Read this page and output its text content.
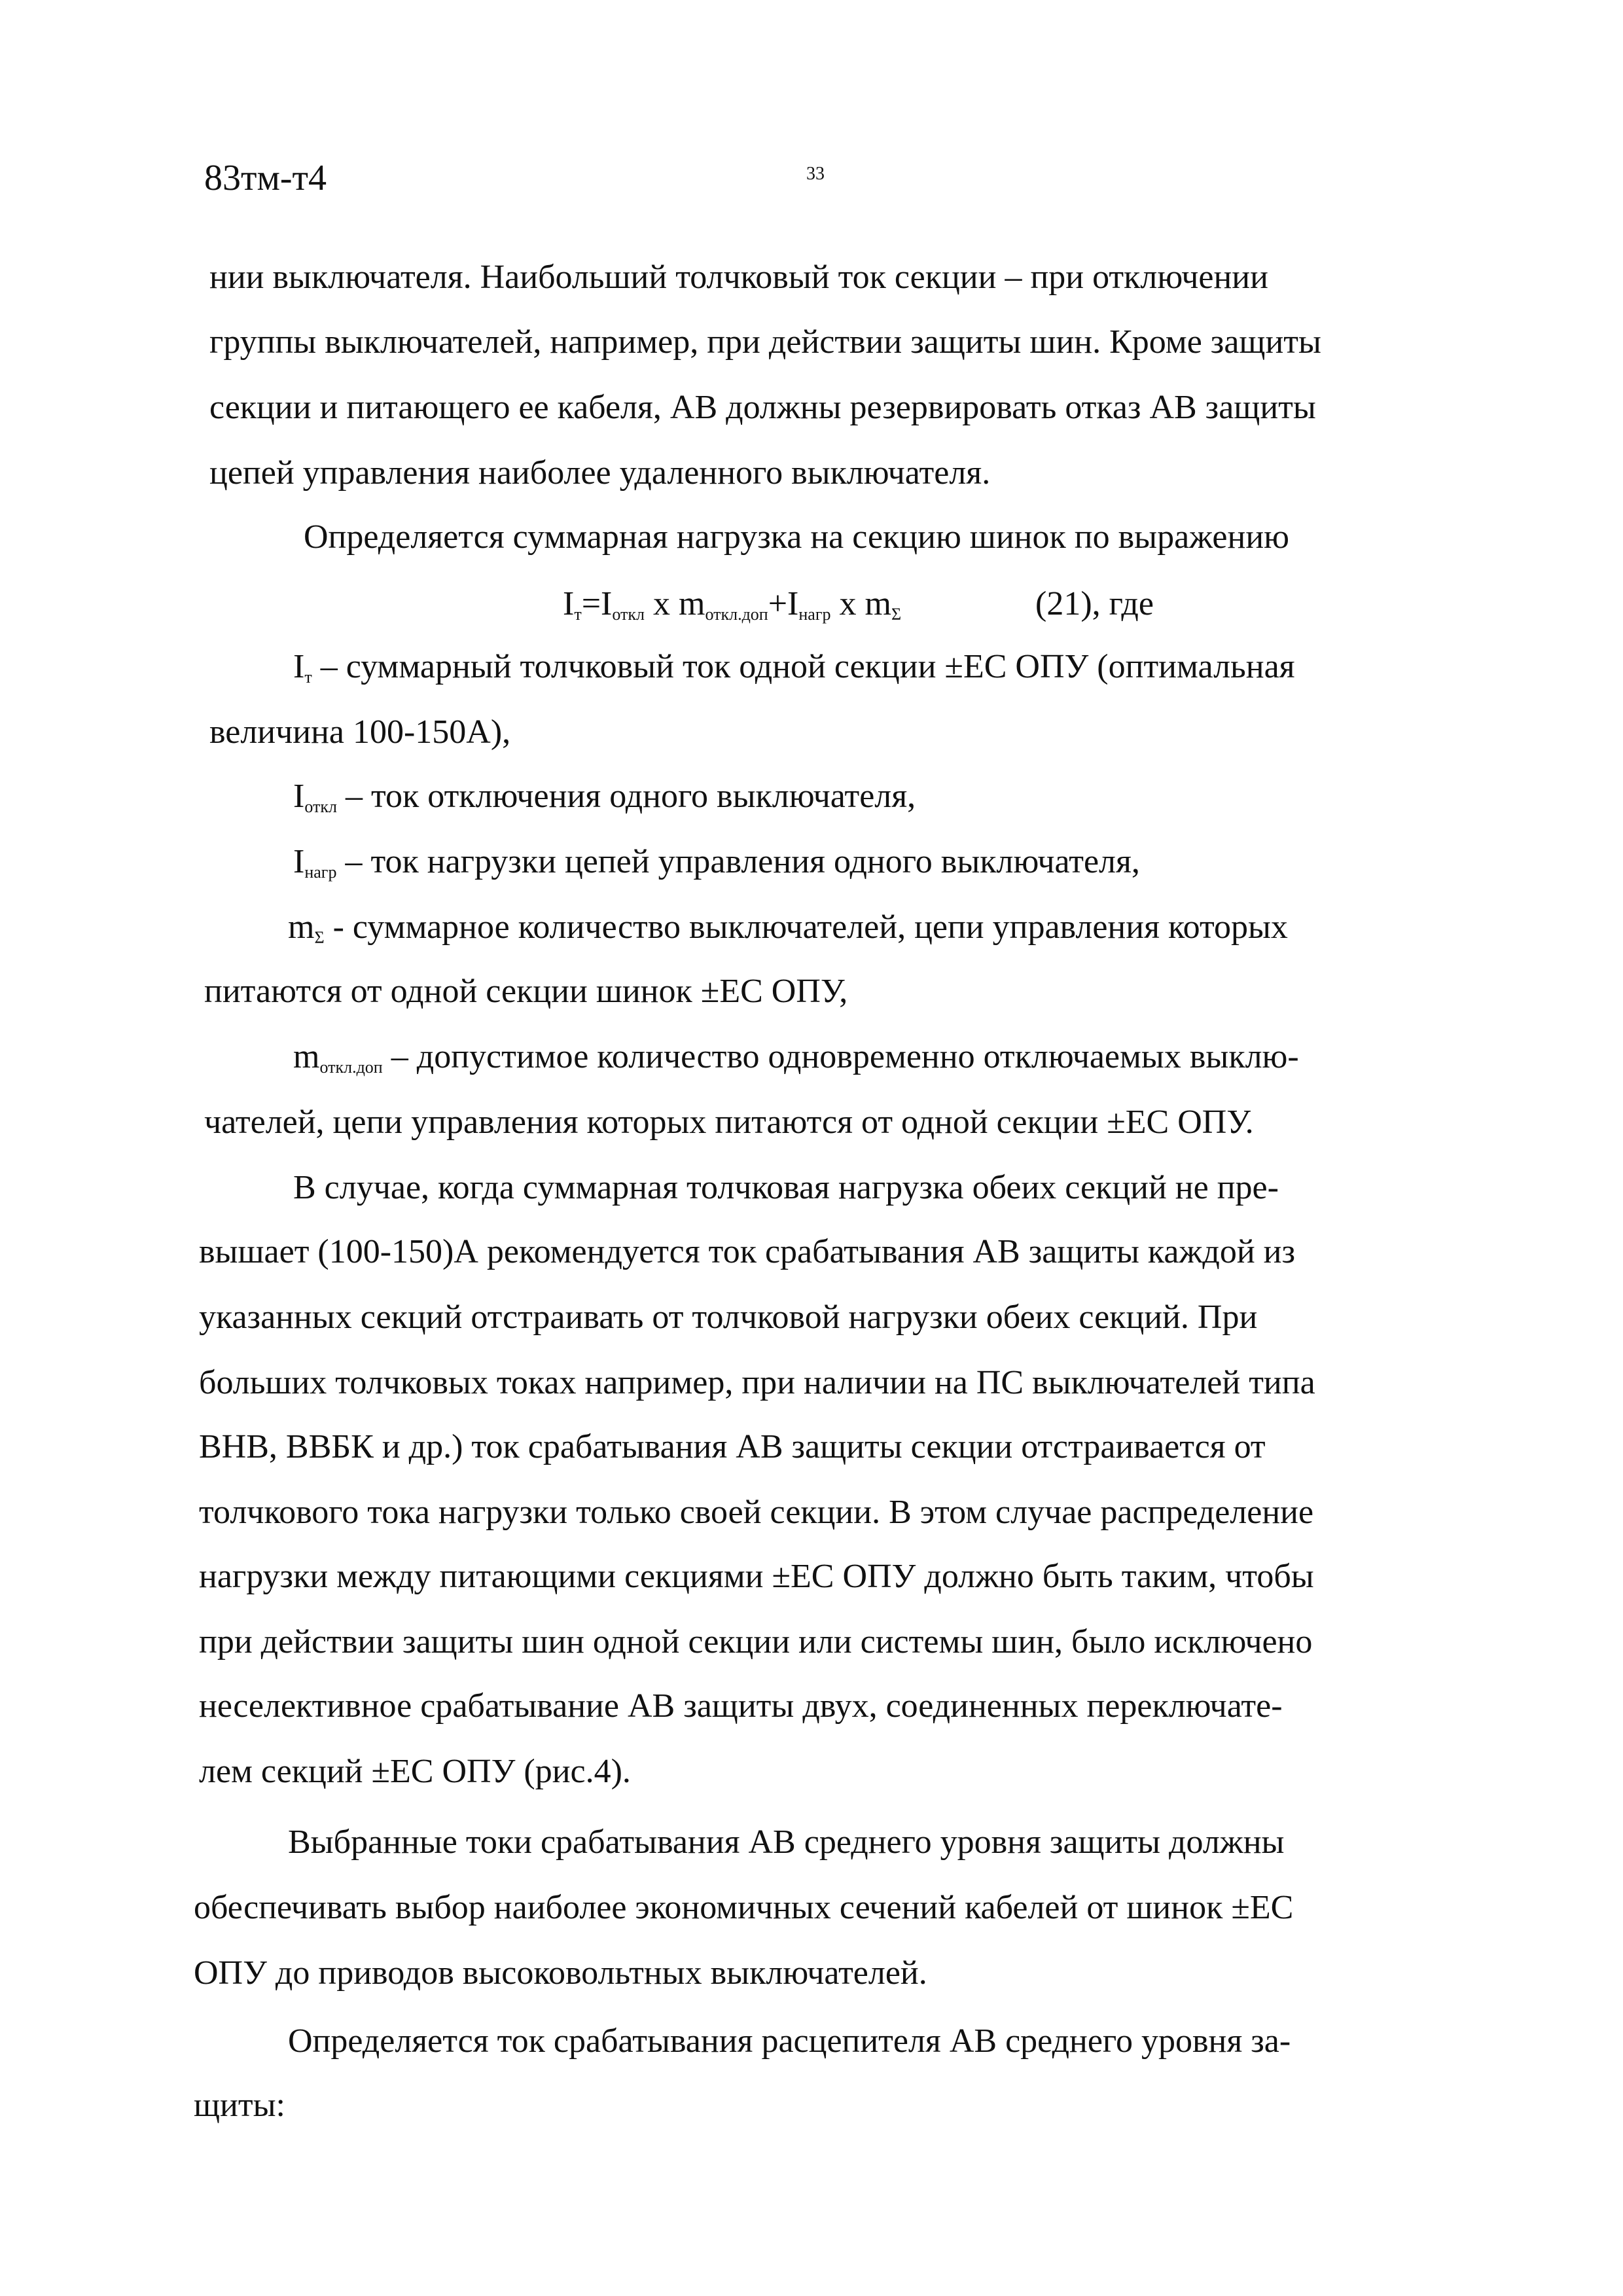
83тм-т4	33
нии выключателя. Наибольший толчковый ток секции – при отключении
группы выключателей, например, при действии защиты шин. Кроме защиты
секции и питающего ее кабеля, АВ должны резервировать отказ АВ защиты
цепей управления наиболее удаленного выключателя.
Определяется суммарная нагрузка на секцию шинок по выражению
$I_т=I_{откл}$ x $m_{откл.доп}+I_{нагр}$ x $m_\Sigma$	(21), где
$I_т$ – суммарный толчковый ток одной секции ±ЕС ОПУ (оптимальная
величина 100-150А),
$I_{откл}$ – ток отключения одного выключателя,
$I_{нагр}$ – ток нагрузки цепей управления одного выключателя,
$m_\Sigma$ - суммарное количество выключателей, цепи управления которых
питаются от одной секции шинок ±ЕС ОПУ,
$m_{откл.доп}$ – допустимое количество одновременно отключаемых выклю-
чателей, цепи управления которых питаются от одной секции ±ЕС ОПУ.
В случае, когда суммарная толчковая нагрузка обеих секций не пре-
вышает (100-150)А рекомендуется ток срабатывания АВ защиты каждой из
указанных секций отстраивать от толчковой нагрузки обеих секций. При
больших толчковых токах например, при наличии на ПС выключателей типа
ВНВ, ВВБК и др.) ток срабатывания АВ защиты секции отстраивается от
толчкового тока нагрузки только своей секции. В этом случае распределение
нагрузки между питающими секциями ±ЕС ОПУ должно быть таким, чтобы
при действии защиты шин одной секции или системы шин, было исключено
неселективное срабатывание АВ защиты двух, соединенных переключате-
лем секций ±ЕС ОПУ (рис.4).
Выбранные токи срабатывания АВ среднего уровня защиты должны
обеспечивать выбор наиболее экономичных сечений кабелей от шинок ±ЕС
ОПУ до приводов высоковольтных выключателей.
Определяется ток срабатывания расцепителя АВ среднего уровня за-
щиты:
